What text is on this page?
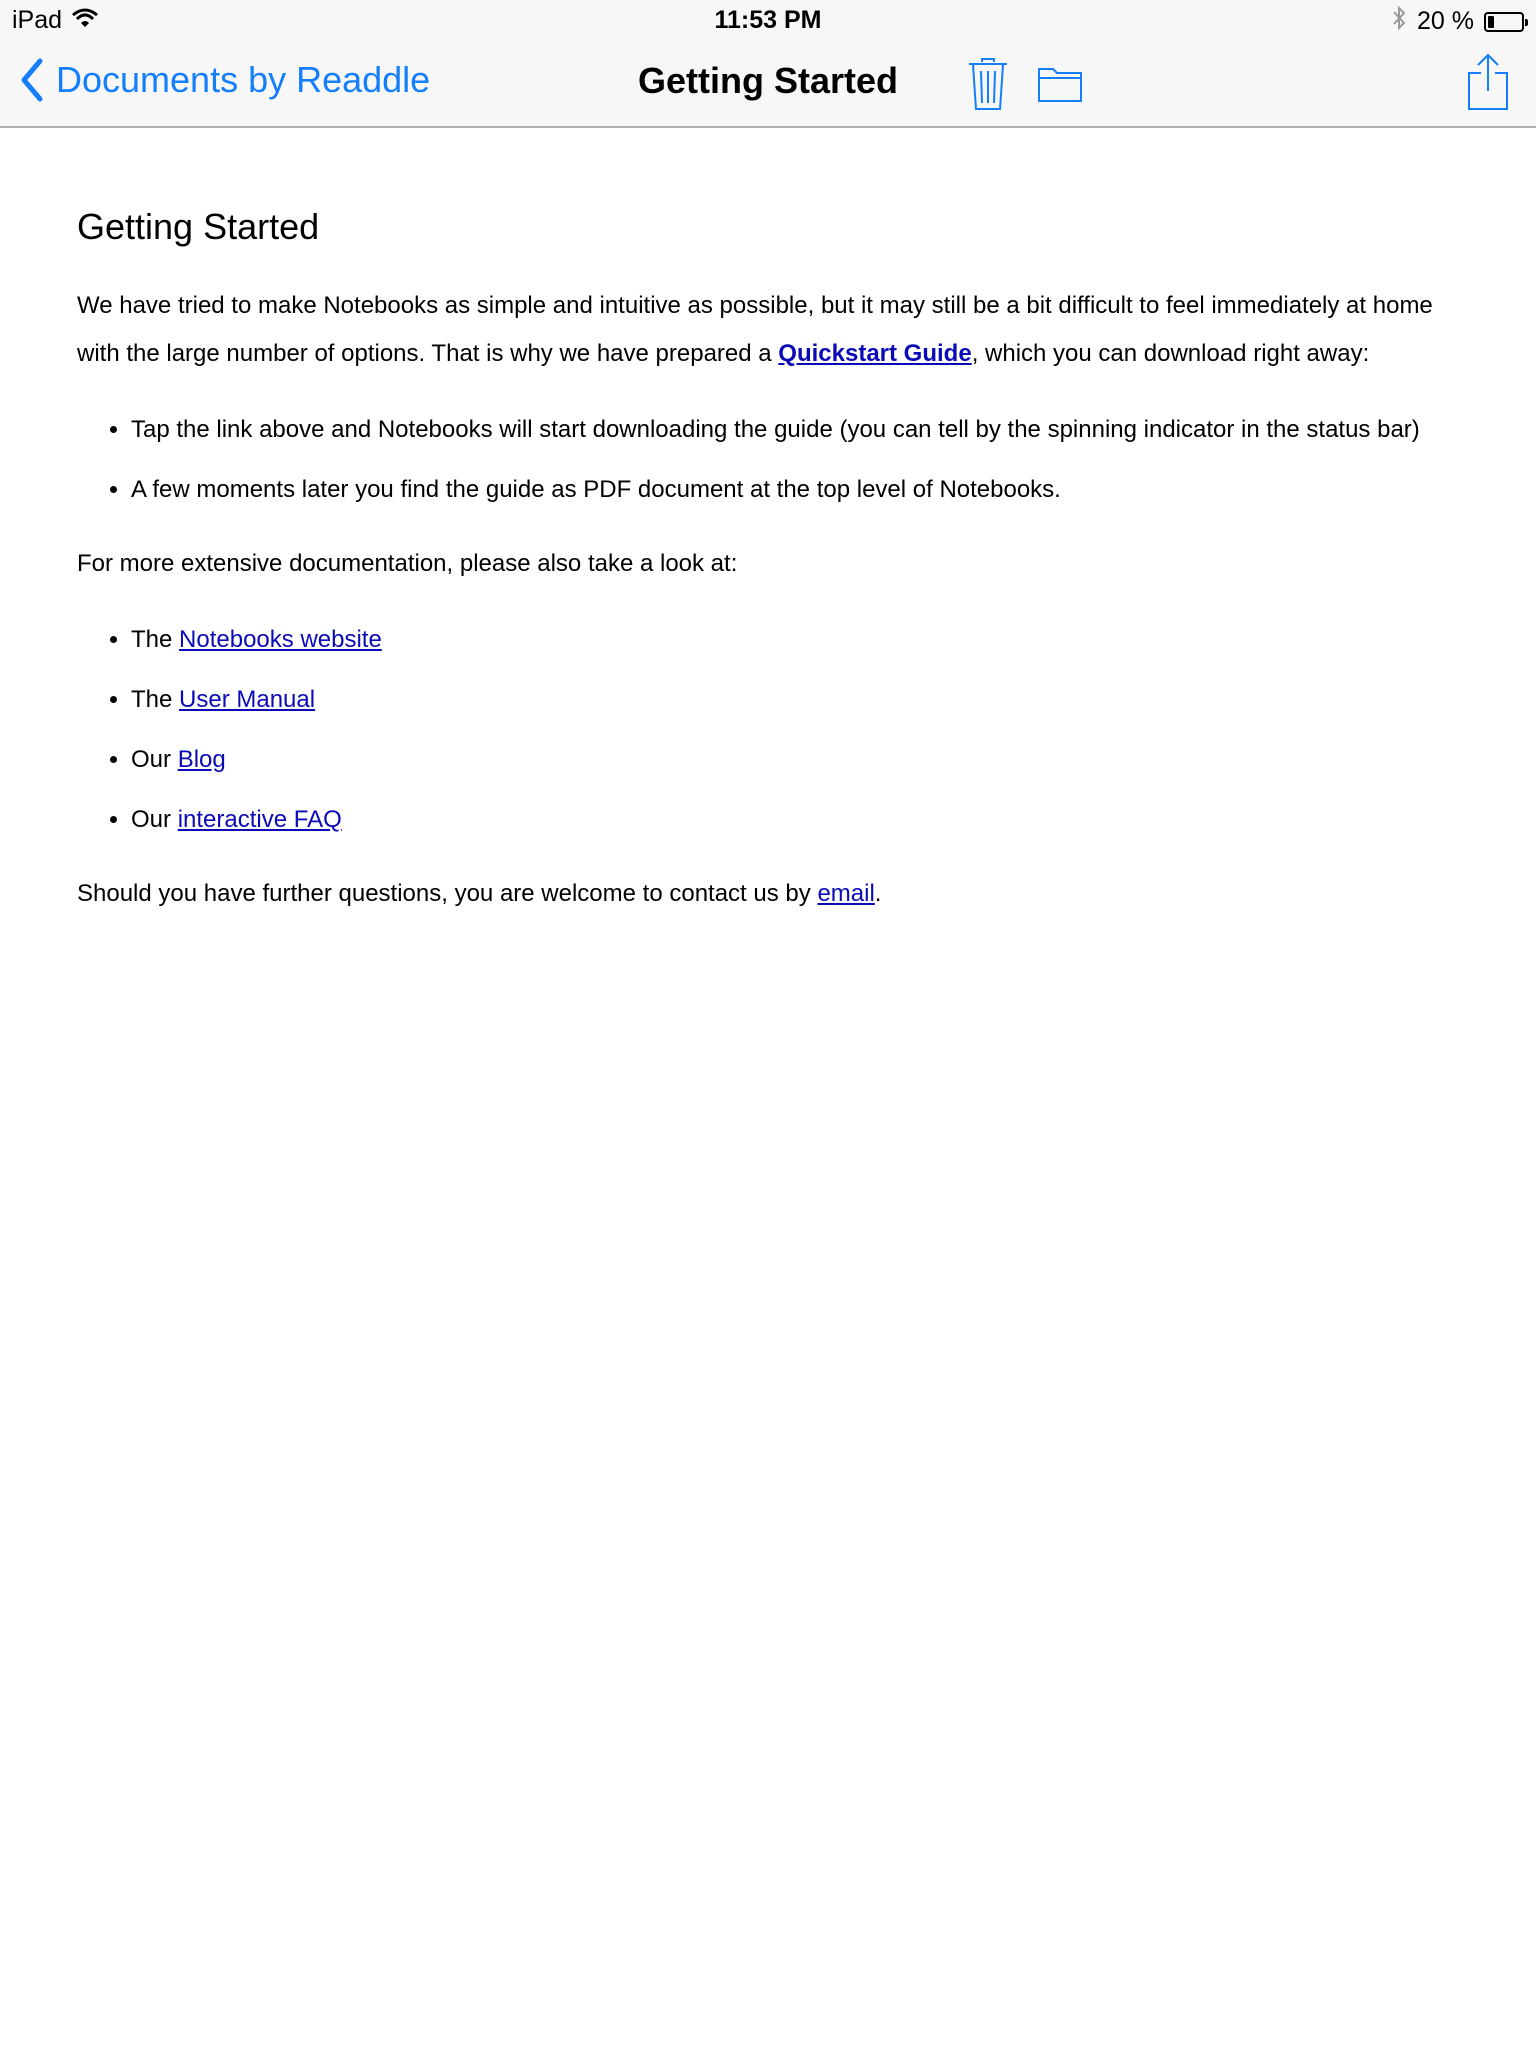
iPad	11:53 PM	20 %
Documents by Readdle	Getting Started
Getting Started

We have tried to make Notebooks as simple and intuitive as possible, but it may still be a bit difficult to feel immediately at home with the large number of options. That is why we have prepared a Quickstart Guide, which you can download right away:

• Tap the link above and Notebooks will start downloading the guide (you can tell by the spinning indicator in the status bar)
• A few moments later you find the guide as PDF document at the top level of Notebooks.

For more extensive documentation, please also take a look at:

• The Notebooks website
• The User Manual
• Our Blog
• Our interactive FAQ

Should you have further questions, you are welcome to contact us by email.
